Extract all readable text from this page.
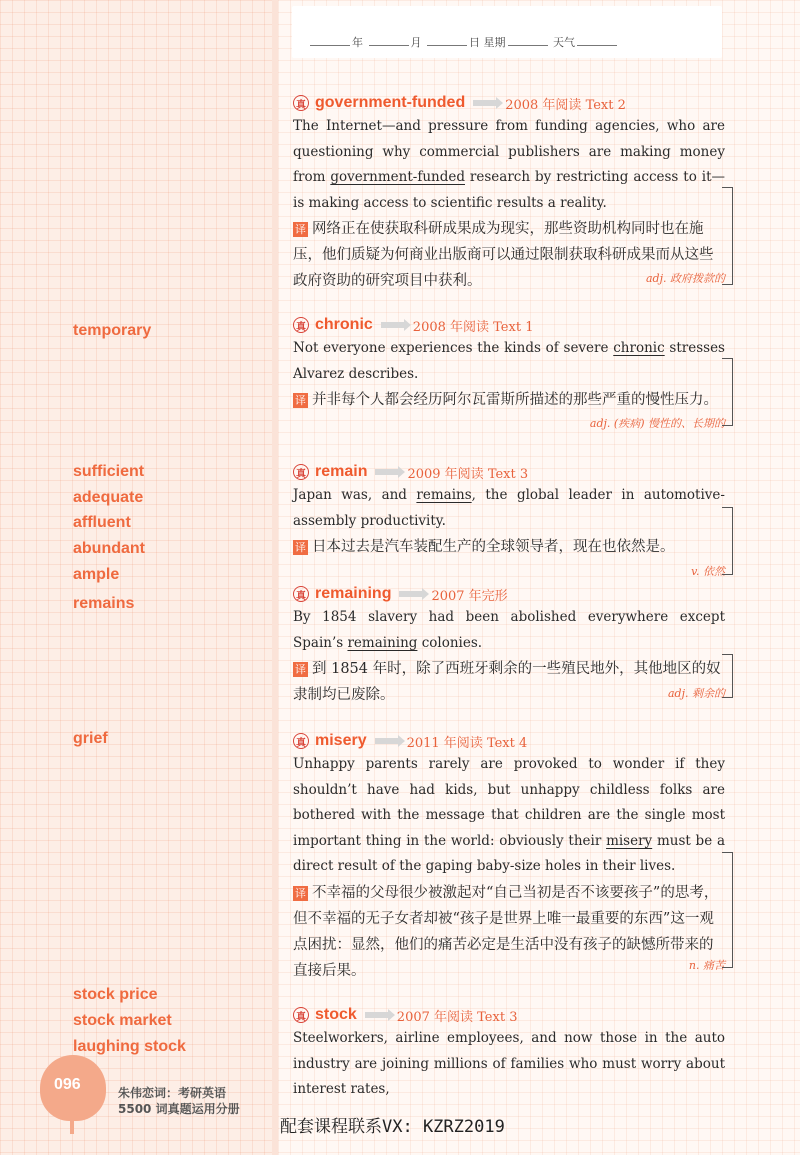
temporary
sufficient
adequate
affluent
abundant
ample
remains
grief
stock price
stock market
laughing stock
年	月	日 星期	天气
真 government-funded	2008 年阅读 Text 2

The Internet—and pressure from funding agencies, who are questioning why commercial publishers are making money from government-funded research by restricting access to it—is making access to scientific results a reality.

译 网络正在使获取科研成果成为现实，那些资助机构同时也在施压，他们质疑为何商业出版商可以通过限制获取科研成果而从这些政府资助的研究项目中获利。	adj. 政府拨款的
真 chronic	2008 年阅读 Text 1

Not everyone experiences the kinds of severe chronic stresses Alvarez describes.

译 并非每个人都会经历阿尔瓦雷斯所描述的那些严重的慢性压力。

adj. (疾病) 慢性的、长期的
真 remain	2009 年阅读 Text 3

Japan was, and remains, the global leader in automotive-assembly productivity.

译 日本过去是汽车装配生产的全球领导者，现在也依然是。

v. 依然
真 remaining	2007 年完形

By 1854 slavery had been abolished everywhere except Spain’s remaining colonies.

译 到 1854 年时，除了西班牙剩余的一些殖民地外，其他地区的奴隶制均已废除。	adj. 剩余的
真 misery	2011 年阅读 Text 4

Unhappy parents rarely are provoked to wonder if they shouldn’t have had kids, but unhappy childless folks are bothered with the message that children are the single most important thing in the world: obviously their misery must be a direct result of the gaping baby-size holes in their lives.

译 不幸福的父母很少被激起对“自己当初是否不该要孩子”的思考，但不幸福的无子女者却被“孩子是世界上唯一最重要的东西”这一观点困扰：显然，他们的痛苦必定是生活中没有孩子的缺憾所带来的直接后果。	n. 痛苦
真 stock	2007 年阅读 Text 3

Steelworkers, airline employees, and now those in the auto industry are joining millions of families who must worry about interest rates,

096	朱伟恋词：考研英语
5500 词真题运用分册
配套课程联系VX: KZRZ2019
